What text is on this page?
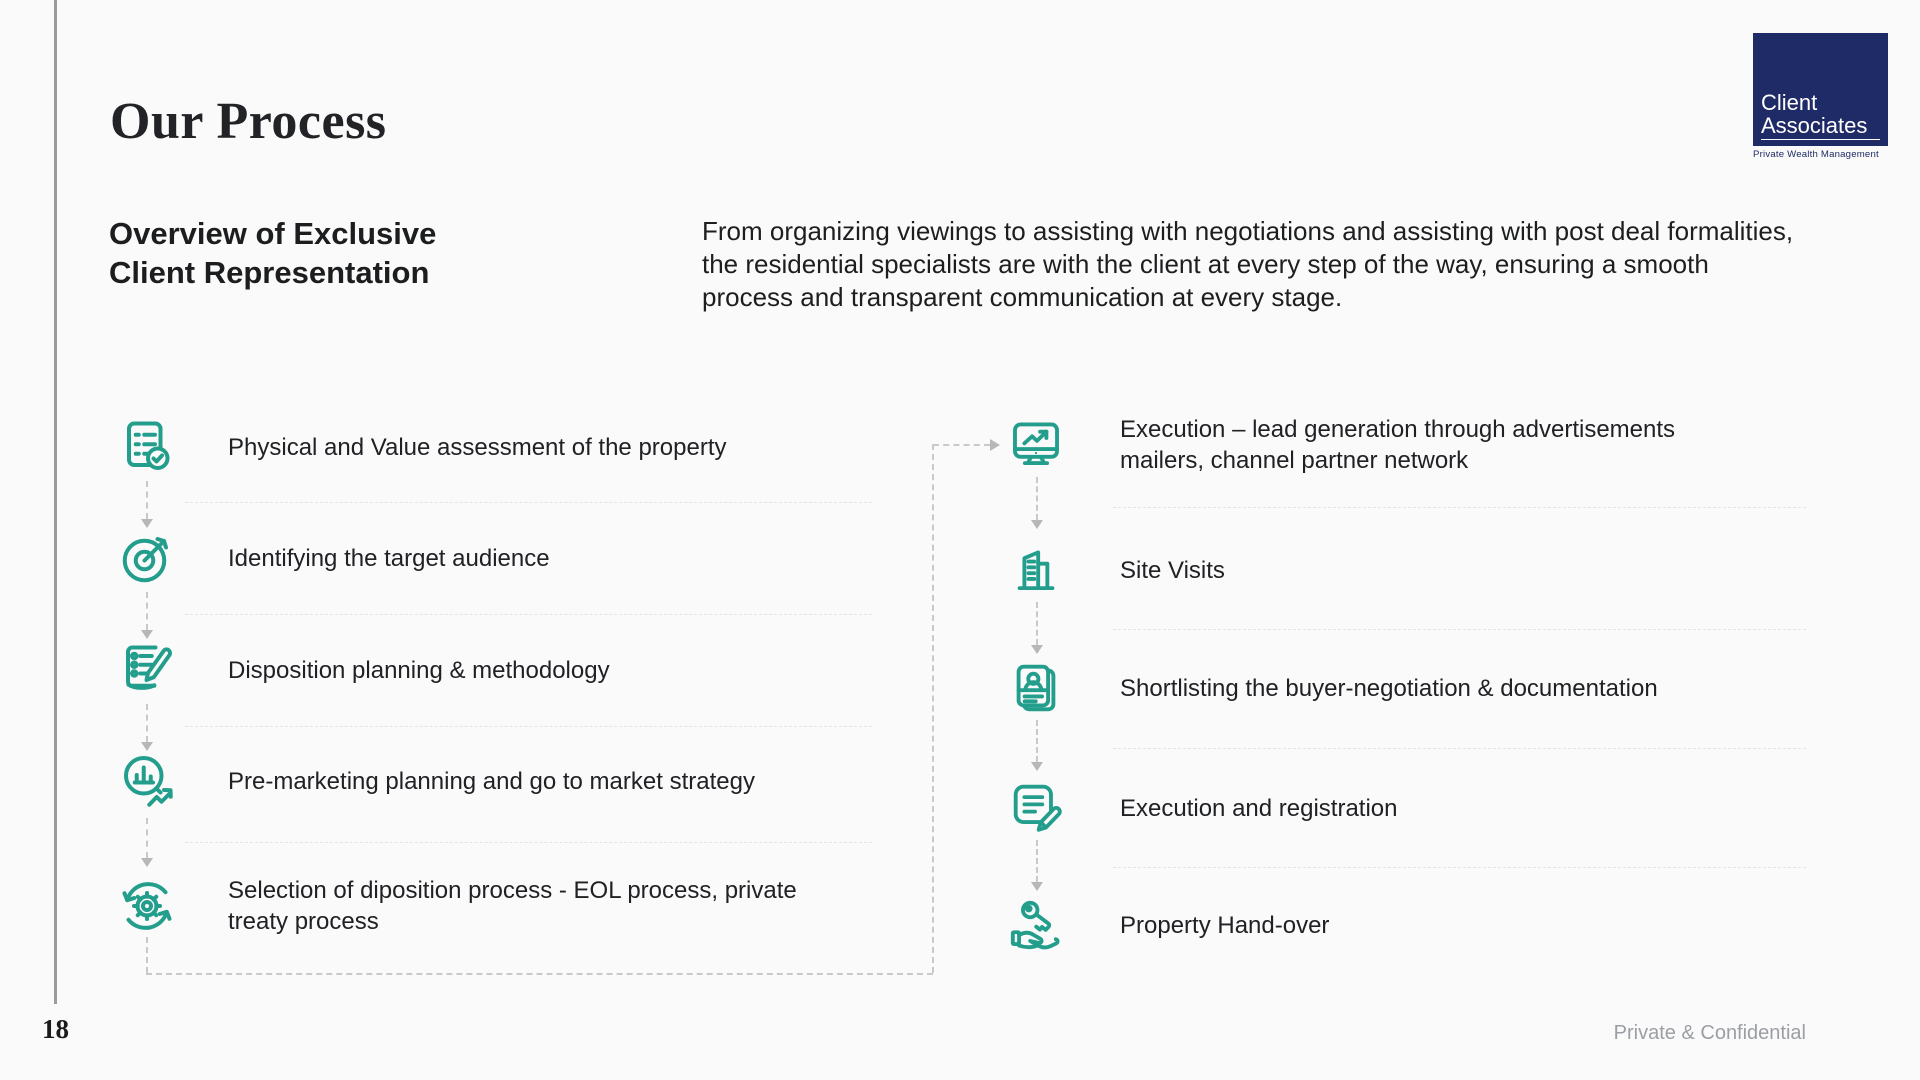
Our Process	Client
Associates
Private Wealth Management
Overview of Exclusive
Client Representation
From organizing viewings to assisting with negotiations and assisting with post deal formalities, the residential specialists are with the client at every step of the way, ensuring a smooth process and transparent communication at every stage.
Physical and Value assessment of the property
Identifying the target audience
Disposition planning & methodology
Pre-marketing planning and go to market strategy
Selection of diposition process - EOL process, private treaty process
Execution – lead generation through advertisements mailers, channel partner network
Site Visits
Shortlisting the buyer-negotiation & documentation
Execution and registration
Property Hand-over
18	Private & Confidential
